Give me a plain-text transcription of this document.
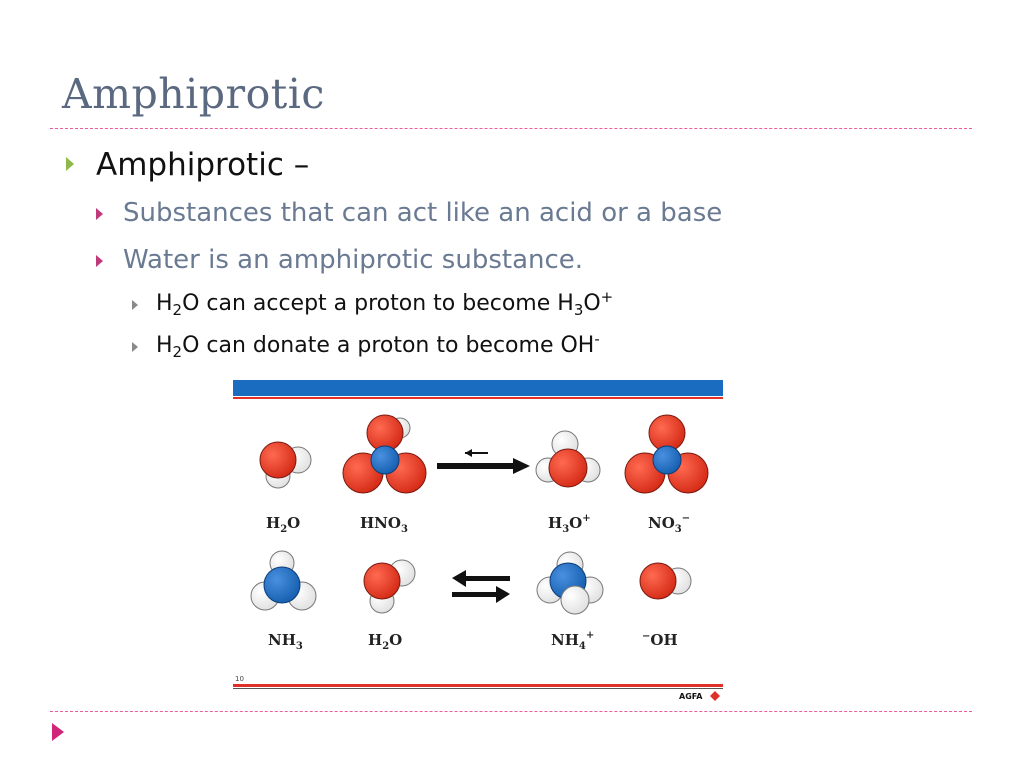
Amphiprotic
Amphiprotic –
Substances that can act like an acid or a base
Water is an amphiprotic substance.
$H_2O$ can accept a proton to become $H_3O^+$
$H_2O$ can donate a proton to become OH-
$H_2O$	$HNO_3$	$H_3O^+$	$NO_3^-$
$NH_3$	$H_2O$	$NH_4^+$	−OH
10
AGFA
